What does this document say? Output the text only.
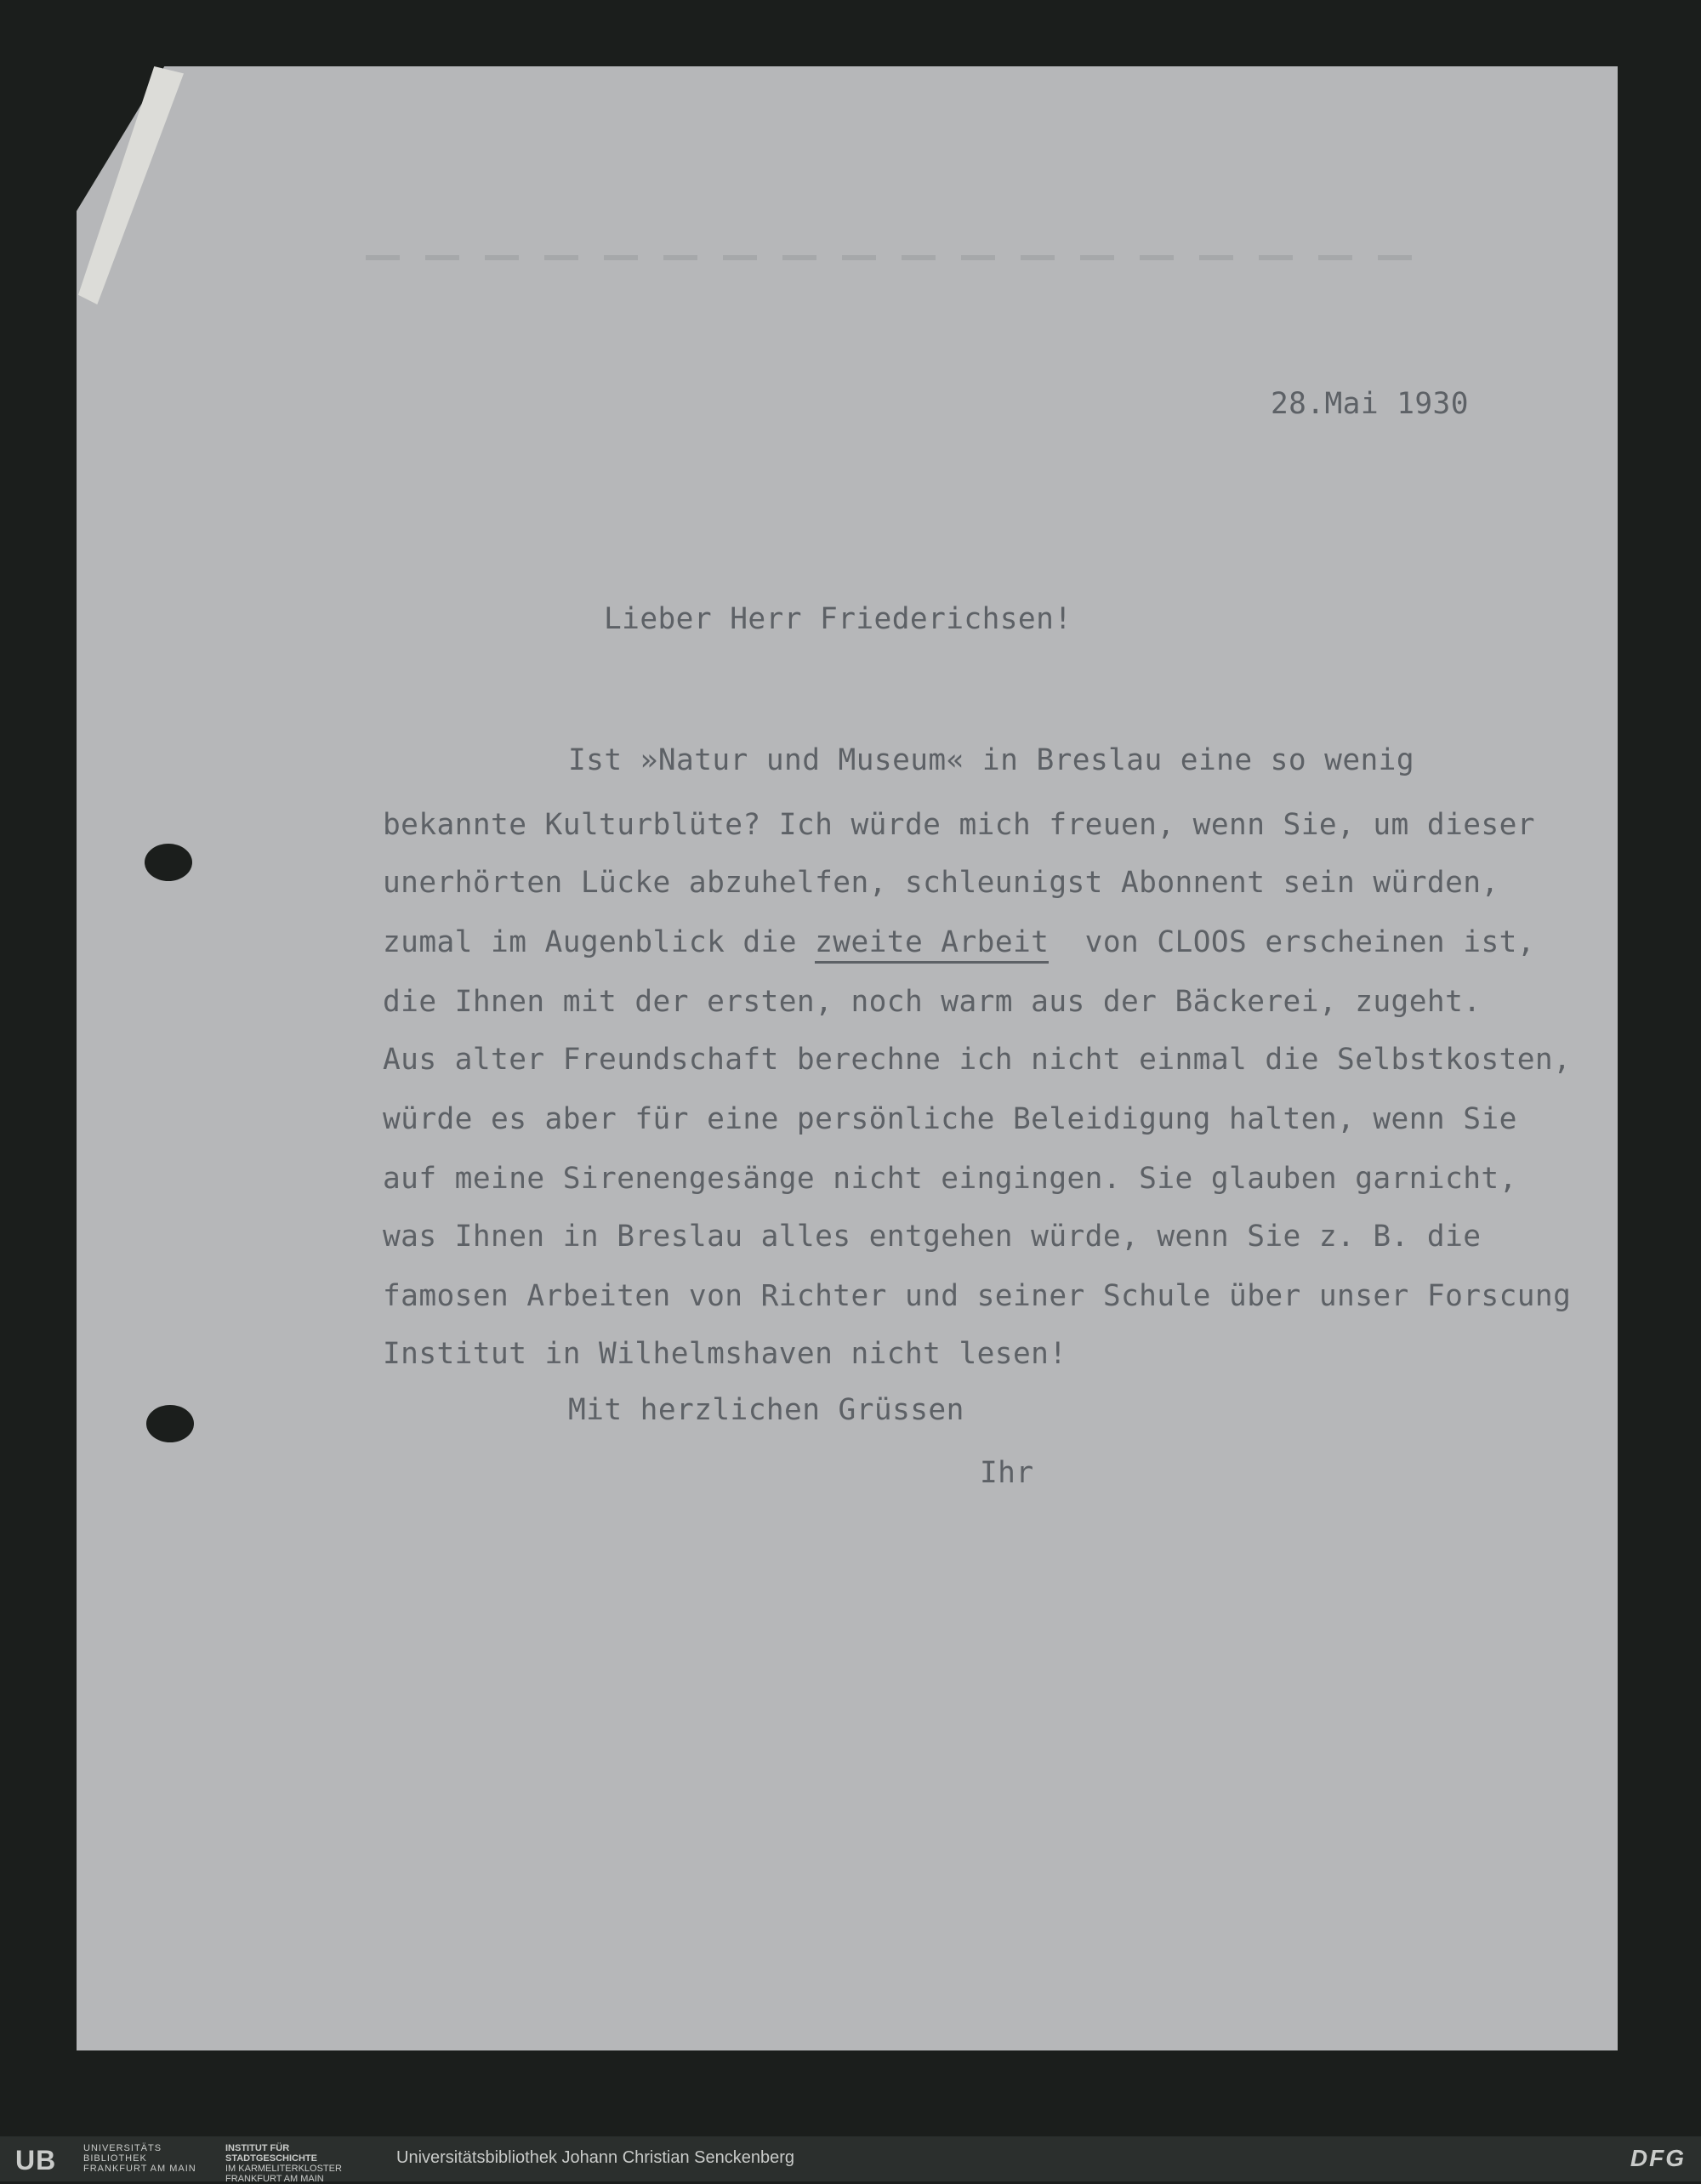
28.Mai 1930

Lieber Herr Friederichsen!

Ist »Natur und Museum« in Breslau eine so wenig

bekannte Kulturblüte? Ich würde mich freuen, wenn Sie, um dieser

unerhörten Lücke abzuhelfen, schleunigst Abonnent sein würden,

zumal im Augenblick die zweite Arbeit  von CLOOS erscheinen ist,

die Ihnen mit der ersten, noch warm aus der Bäckerei, zugeht.

Aus alter Freundschaft berechne ich nicht einmal die Selbstkosten,

würde es aber für eine persönliche Beleidigung halten, wenn Sie

auf meine Sirenengesänge nicht eingingen. Sie glauben garnicht,

was Ihnen in Breslau alles entgehen würde, wenn Sie z. B. die

famosen Arbeiten von Richter und seiner Schule über unser Forscung

Institut in Wilhelmshaven nicht lesen!

Mit herzlichen Grüssen

Ihr

UB	UNIVERSITÄTS
BIBLIOTHEK
FRANKFURT AM MAIN
INSTITUT FÜR
STADTGESCHICHTE
IM KARMELITERKLOSTER
FRANKFURT AM MAIN
Universitätsbibliothek Johann Christian Senckenberg	DFG
